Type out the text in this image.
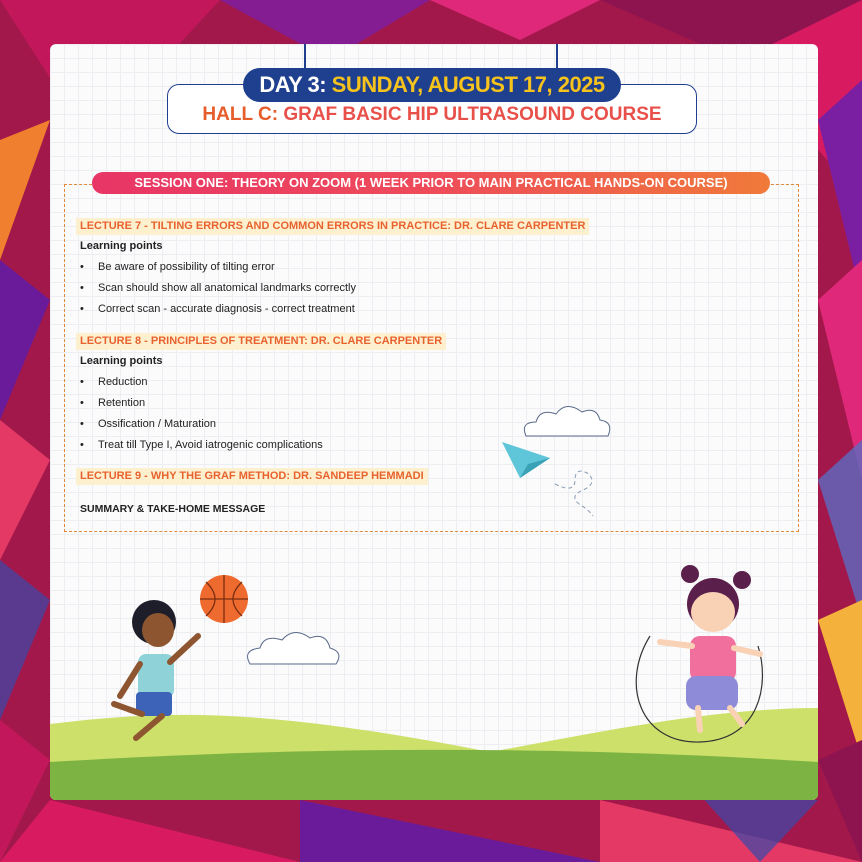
HALL C: GRAF BASIC HIP ULTRASOUND COURSE
DAY 3: SUNDAY, AUGUST 17, 2025
SESSION ONE: THEORY ON ZOOM (1 WEEK PRIOR TO MAIN PRACTICAL HANDS-ON COURSE)
LECTURE 7 - TILTING ERRORS AND COMMON ERRORS IN PRACTICE: DR. CLARE CARPENTER
Learning points
• Be aware of possibility of tilting error
• Scan should show all anatomical landmarks correctly
• Correct scan - accurate diagnosis - correct treatment
LECTURE 8 - PRINCIPLES OF TREATMENT: DR. CLARE CARPENTER
Learning points
• Reduction
• Retention
• Ossification / Maturation
• Treat till Type I, Avoid iatrogenic complications
LECTURE 9 - WHY THE GRAF METHOD: DR. SANDEEP HEMMADI
SUMMARY & TAKE-HOME MESSAGE
